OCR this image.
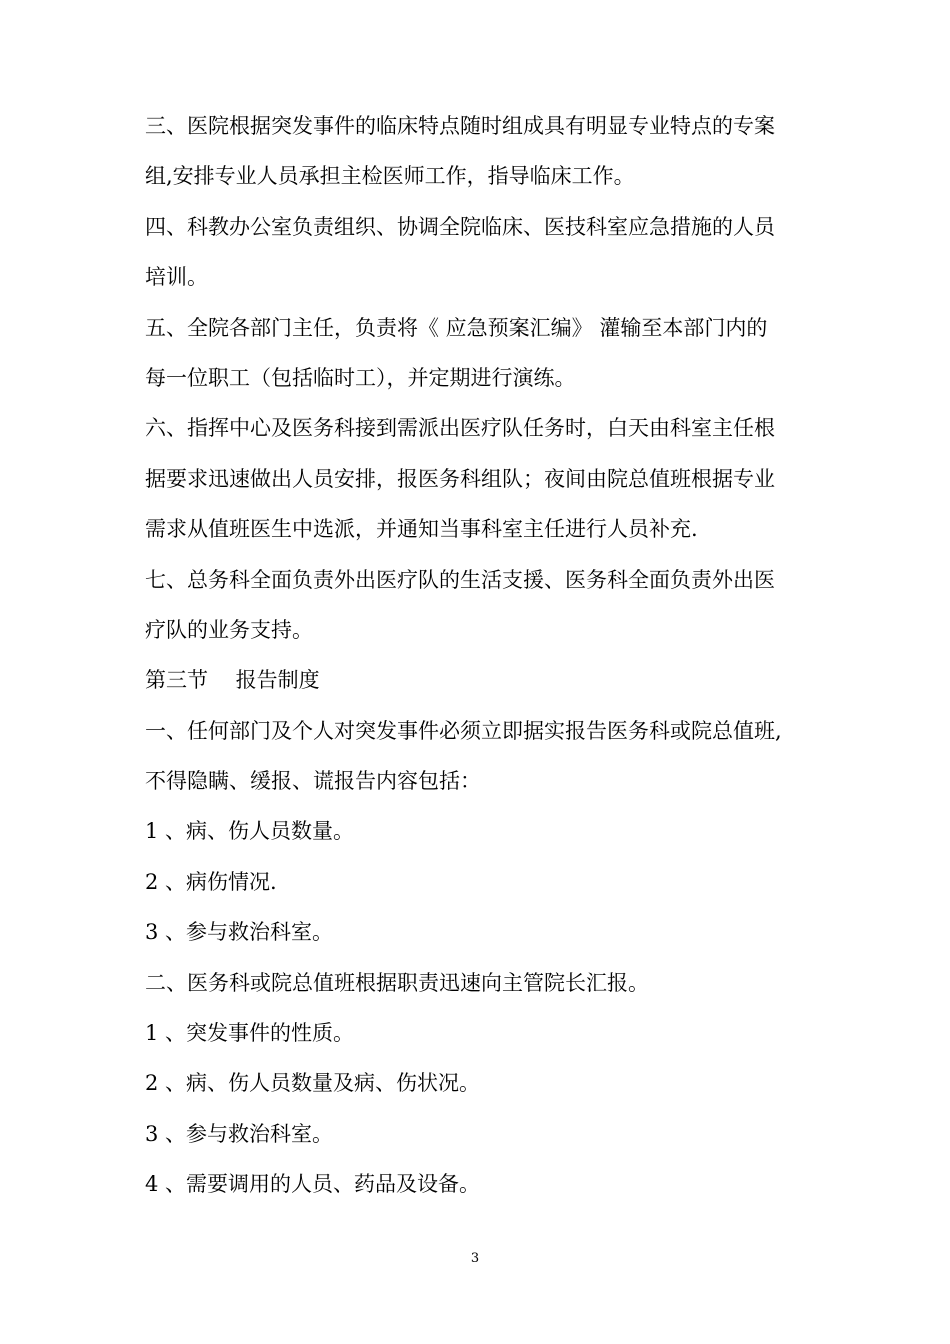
三、医院根据突发事件的临床特点随时组成具有明显专业特点的专案
组,安排专业人员承担主检医师工作，指导临床工作。
四、科教办公室负责组织、协调全院临床、医技科室应急措施的人员
培训。
五、全院各部门主任，负责将《 应急预案汇编》 灌输至本部门内的
每一位职工（包括临时工），并定期进行演练。
六、指挥中心及医务科接到需派出医疗队任务时，白天由科室主任根
据要求迅速做出人员安排，报医务科组队；夜间由院总值班根据专业
需求从值班医生中选派，并通知当事科室主任进行人员补充.
七、总务科全面负责外出医疗队的生活支援、医务科全面负责外出医
疗队的业务支持。
第三节　 报告制度
一、任何部门及个人对突发事件必须立即据实报告医务科或院总值班,
不得隐瞒、缓报、谎报告内容包括：
1 、病、伤人员数量。
2 、病伤情况.
3 、参与救治科室。
二、医务科或院总值班根据职责迅速向主管院长汇报。
1 、突发事件的性质。
2 、病、伤人员数量及病、伤状况。
3 、参与救治科室。
4 、需要调用的人员、药品及设备。
3
